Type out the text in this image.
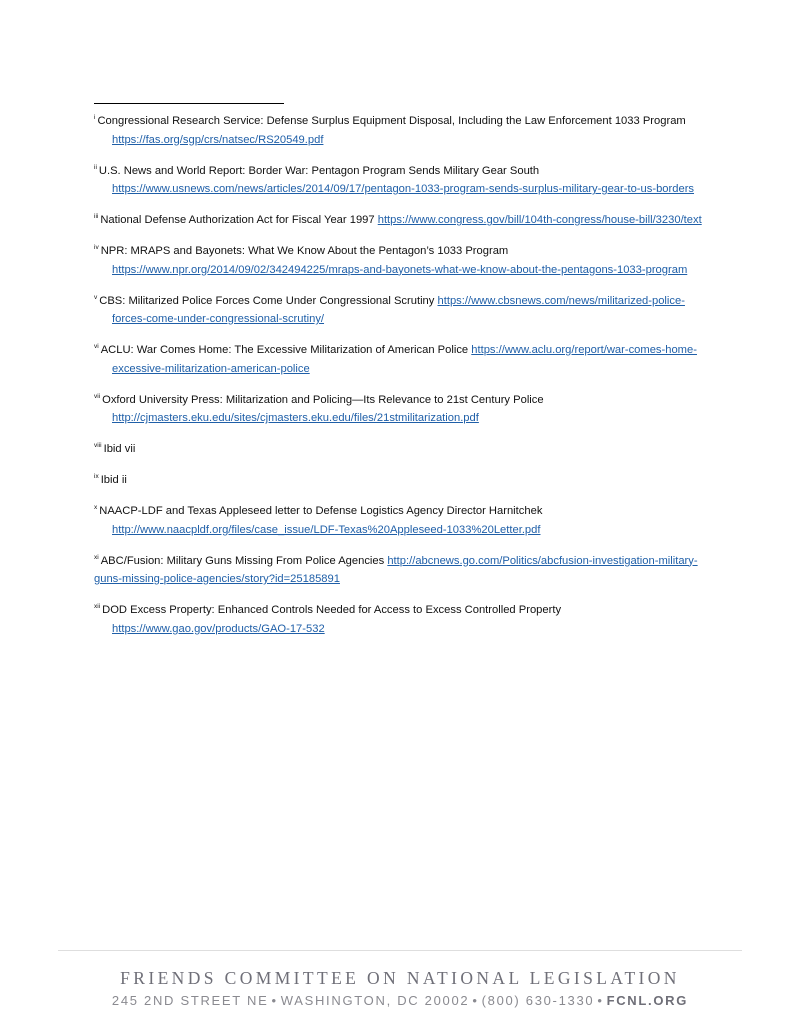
$^i$ Congressional Research Service: Defense Surplus Equipment Disposal, Including the Law Enforcement 1033 Program https://fas.org/sgp/crs/natsec/RS20549.pdf
$^{ii}$ U.S. News and World Report: Border War: Pentagon Program Sends Military Gear South https://www.usnews.com/news/articles/2014/09/17/pentagon-1033-program-sends-surplus-military-gear-to-us-borders
$^{iii}$ National Defense Authorization Act for Fiscal Year 1997 https://www.congress.gov/bill/104th-congress/house-bill/3230/text
$^{iv}$ NPR: MRAPS and Bayonets: What We Know About the Pentagon’s 1033 Program https://www.npr.org/2014/09/02/342494225/mraps-and-bayonets-what-we-know-about-the-pentagons-1033-program
$^v$ CBS: Militarized Police Forces Come Under Congressional Scrutiny https://www.cbsnews.com/news/militarized-police-forces-come-under-congressional-scrutiny/
$^{vi}$ ACLU: War Comes Home: The Excessive Militarization of American Police https://www.aclu.org/report/war-comes-home-excessive-militarization-american-police
$^{vii}$ Oxford University Press: Militarization and Policing—Its Relevance to 21st Century Police http://cjmasters.eku.edu/sites/cjmasters.eku.edu/files/21stmilitarization.pdf
$^{viii}$ Ibid vii
$^{ix}$ Ibid ii
$^x$ NAACP-LDF and Texas Appleseed letter to Defense Logistics Agency Director Harnitchek http://www.naacpldf.org/files/case_issue/LDF-Texas%20Appleseed-1033%20Letter.pdf
$^{xi}$ ABC/Fusion: Military Guns Missing From Police Agencies http://abcnews.go.com/Politics/abcfusion-investigation-military-guns-missing-police-agencies/story?id=25185891
$^{xii}$ DOD Excess Property: Enhanced Controls Needed for Access to Excess Controlled Property https://www.gao.gov/products/GAO-17-532
FRIENDS COMMITTEE ON NATIONAL LEGISLATION
245 2ND STREET NE • WASHINGTON, DC 20002 • (800) 630-1330 • FCNL.ORG
